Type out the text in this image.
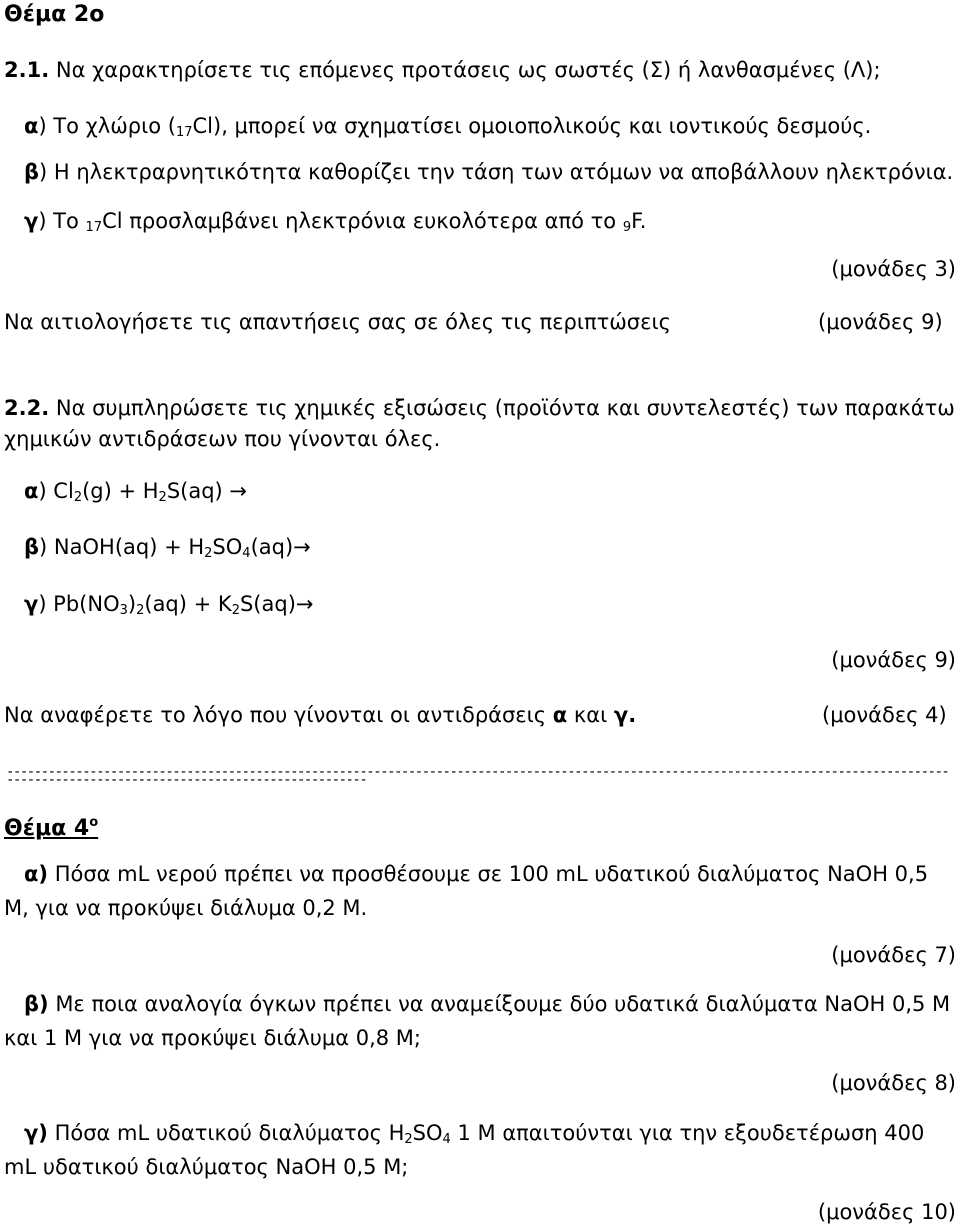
Θέμα 2ο
2.1. Να χαρακτηρίσετε τις επόμενες προτάσεις ως σωστές (Σ) ή λανθασμένες (Λ);
α) Το χλώριο $(_{17}Cl)$, μπορεί να σχηματίσει ομοιοπολικούς και ιοντικούς δεσμούς.
β) Η ηλεκτραρνητικότητα καθορίζει την τάση των ατόμων να αποβάλλουν ηλεκτρόνια.
γ) Το $_{17}$Cl προσλαμβάνει ηλεκτρόνια ευκολότερα από το $_9$F.
(μονάδες 3)
Να αιτιολογήσετε τις απαντήσεις σας σε όλες τις περιπτώσεις	(μονάδες 9)
2.2. Να συμπληρώσετε τις χημικές εξισώσεις (προϊόντα και συντελεστές) των παρακάτω
χημικών αντιδράσεων που γίνονται όλες.
α) $Cl_2(g) + H_2S(aq)$ →
β) NaOH(aq) + $H_2SO_4(aq)\to$
γ) $Pb(NO_3)_2(aq) + K_2S(aq)\to$
(μονάδες 9)
Να αναφέρετε το λόγο που γίνονται οι αντιδράσεις α και γ.	(μονάδες 4)
--------------------------------------------------------------------------------------------------------------------------------------------------------------------------------------------
Θέμα $4^o$
α) Πόσα mL νερού πρέπει να προσθέσουμε σε 100 mL υδατικού διαλύματος NaOH 0,5
M, για να προκύψει διάλυμα 0,2 M.
(μονάδες 7)
β) Με ποια αναλογία όγκων πρέπει να αναμείξουμε δύο υδατικά διαλύματα NaOH 0,5 M
και 1 M για να προκύψει διάλυμα 0,8 M;
(μονάδες 8)
γ) Πόσα mL υδατικού διαλύματος $H_2SO_4$ 1 M απαιτούνται για την εξουδετέρωση 400
mL υδατικού διαλύματος NaOH 0,5 M;
(μονάδες 10)
